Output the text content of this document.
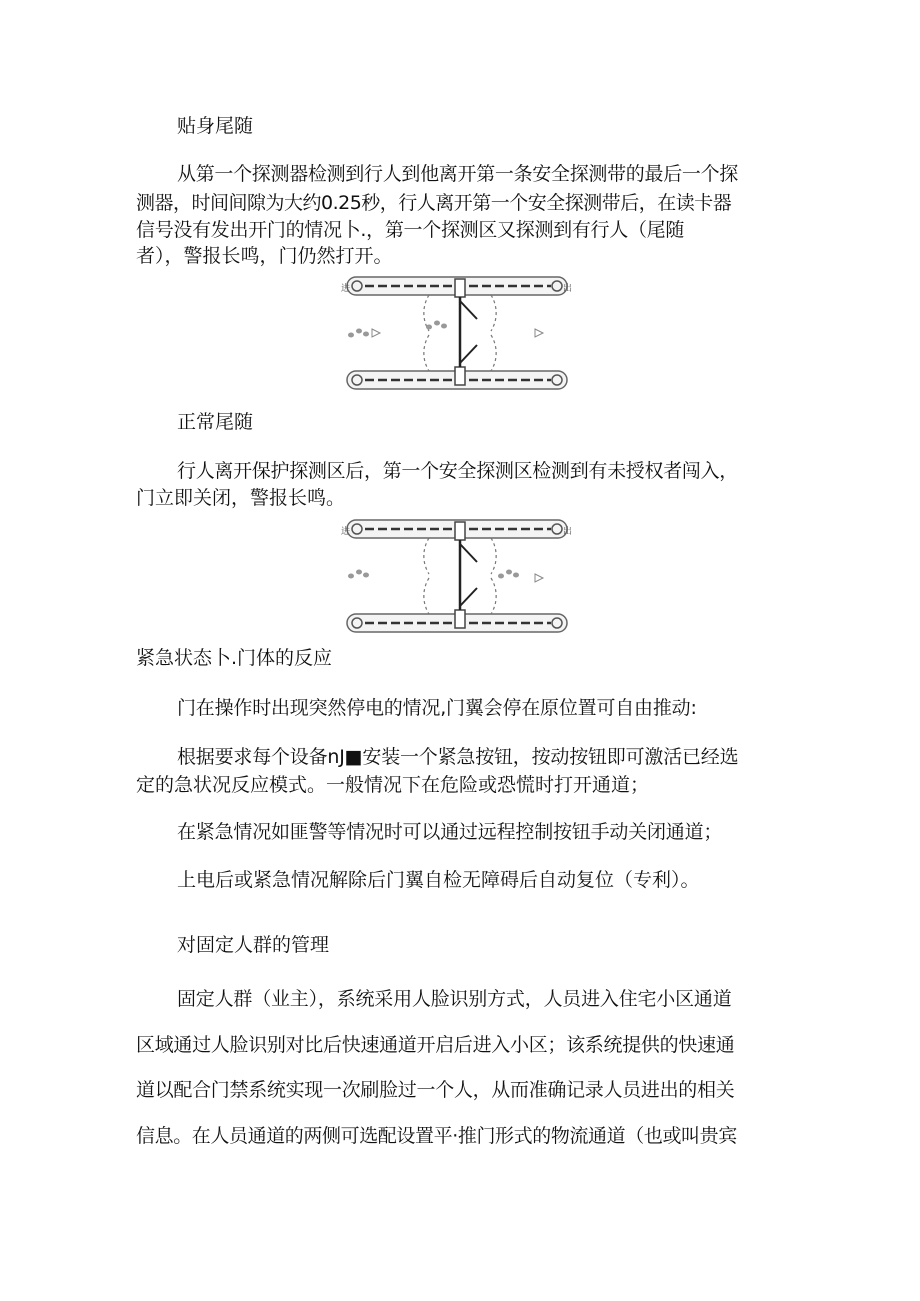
贴身尾随

从第一个探测器检测到行人到他离开第一条安全探测带的最后一个探

测器，时间间隙为大约0.25秒，行人离开第一个安全探测带后，在读卡器

信号没有发出开门的情况卜.，第一个探测区又探测到有行人（尾随

者），警报长鸣，门仍然打开。

进	出

正常尾随

行人离开保护探测区后，第一个安全探测区检测到有未授权者闯入，

门立即关闭，警报长鸣。

进	出

紧急状态卜.门体的反应

门在操作时出现突然停电的情况,门翼会停在原位置可自由推动:

根据要求每个设备nJ■安装一个紧急按钮，按动按钮即可激活已经选

定的急状况反应模式。一般情况下在危险或恐慌时打开通道；

在紧急情况如匪警等情况时可以通过远程控制按钮手动关闭通道；

上电后或紧急情况解除后门翼自检无障碍后自动复位（专利）。

对固定人群的管理

固定人群（业主），系统采用人脸识别方式，人员进入住宅小区通道

区域通过人脸识别对比后快速通道开启后进入小区；该系统提供的快速通

道以配合门禁系统实现一次刷脸过一个人，从而准确记录人员进出的相关

信息。在人员通道的两侧可选配设置平·推门形式的物流通道（也或叫贵宾
